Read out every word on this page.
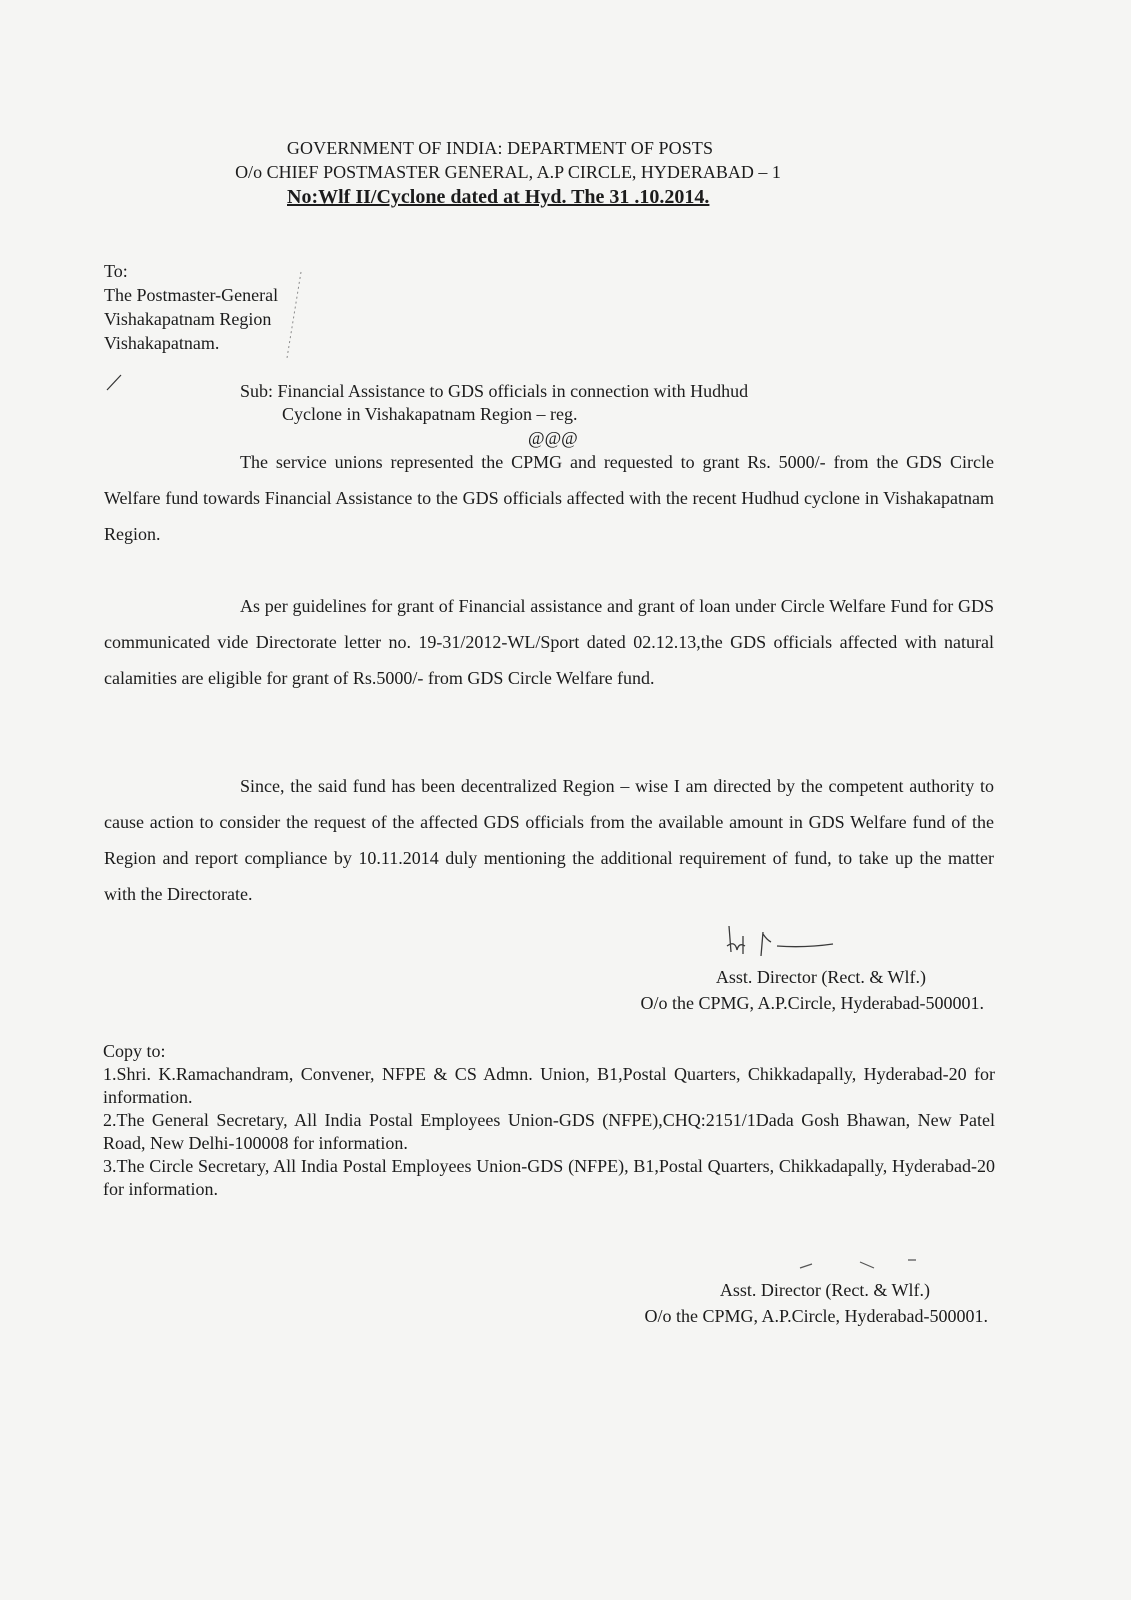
GOVERNMENT OF INDIA: DEPARTMENT OF POSTS
O/o CHIEF POSTMASTER GENERAL, A.P CIRCLE, HYDERABAD – 1
No:Wlf II/Cyclone dated at Hyd. The 31 .10.2014.
To:
The Postmaster-General
Vishakapatnam Region
Vishakapatnam.
Sub: Financial Assistance to GDS officials in connection with Hudhud
Cyclone in Vishakapatnam Region – reg.
@@@
The service unions represented the CPMG and requested to grant Rs. 5000/- from the GDS Circle Welfare fund towards Financial Assistance to the GDS officials affected with the recent Hudhud cyclone in Vishakapatnam Region.
As per guidelines for grant of Financial assistance and grant of loan under Circle Welfare Fund for GDS communicated vide Directorate letter no. 19-31/2012-WL/Sport dated 02.12.13,the GDS officials affected with natural calamities are eligible for grant of Rs.5000/- from GDS Circle Welfare fund.
Since, the said fund has been decentralized Region – wise I am directed by the competent authority to cause action to consider the request of the affected GDS officials from the available amount in GDS Welfare fund of the Region and report compliance by 10.11.2014 duly mentioning the additional requirement of fund, to take up the matter with the Directorate.
Asst. Director (Rect. & Wlf.)
O/o the CPMG, A.P.Circle, Hyderabad-500001.
Copy to:
1.Shri. K.Ramachandram, Convener, NFPE & CS Admn. Union, B1,Postal Quarters, Chikkadapally, Hyderabad-20 for information.
2.The General Secretary, All India Postal Employees Union-GDS (NFPE),CHQ:2151/1Dada Gosh Bhawan, New Patel Road, New Delhi-100008 for information.
3.The Circle Secretary, All India Postal Employees Union-GDS (NFPE), B1,Postal Quarters, Chikkadapally, Hyderabad-20 for information.
Asst. Director (Rect. & Wlf.)
O/o the CPMG, A.P.Circle, Hyderabad-500001.
